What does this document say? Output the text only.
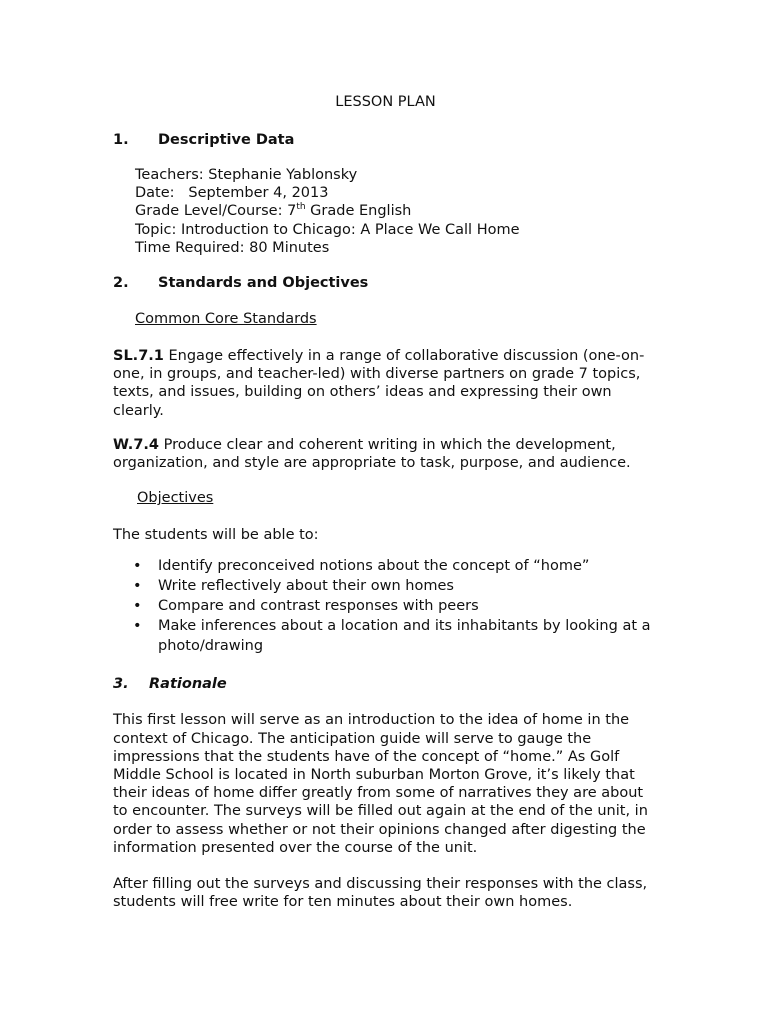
LESSON PLAN
1. Descriptive Data
Teachers: Stephanie Yablonsky
Date:   September 4, 2013
Grade Level/Course: 7th Grade English
Topic: Introduction to Chicago: A Place We Call Home
Time Required: 80 Minutes
2. Standards and Objectives
Common Core Standards
SL.7.1 Engage effectively in a range of collaborative discussion (one-on-one, in groups, and teacher-led) with diverse partners on grade 7 topics, texts, and issues, building on others’ ideas and expressing their own clearly.
W.7.4 Produce clear and coherent writing in which the development, organization, and style are appropriate to task, purpose, and audience.
Objectives
The students will be able to:
• Identify preconceived notions about the concept of “home”
• Write reflectively about their own homes
• Compare and contrast responses with peers
• Make inferences about a location and its inhabitants by looking at a photo/drawing
3. Rationale
This first lesson will serve as an introduction to the idea of home in the context of Chicago. The anticipation guide will serve to gauge the impressions that the students have of the concept of “home.” As Golf Middle School is located in North suburban Morton Grove, it’s likely that their ideas of home differ greatly from some of narratives they are about to encounter. The surveys will be filled out again at the end of the unit, in order to assess whether or not their opinions changed after digesting the information presented over the course of the unit.
After filling out the surveys and discussing their responses with the class, students will free write for ten minutes about their own homes.
